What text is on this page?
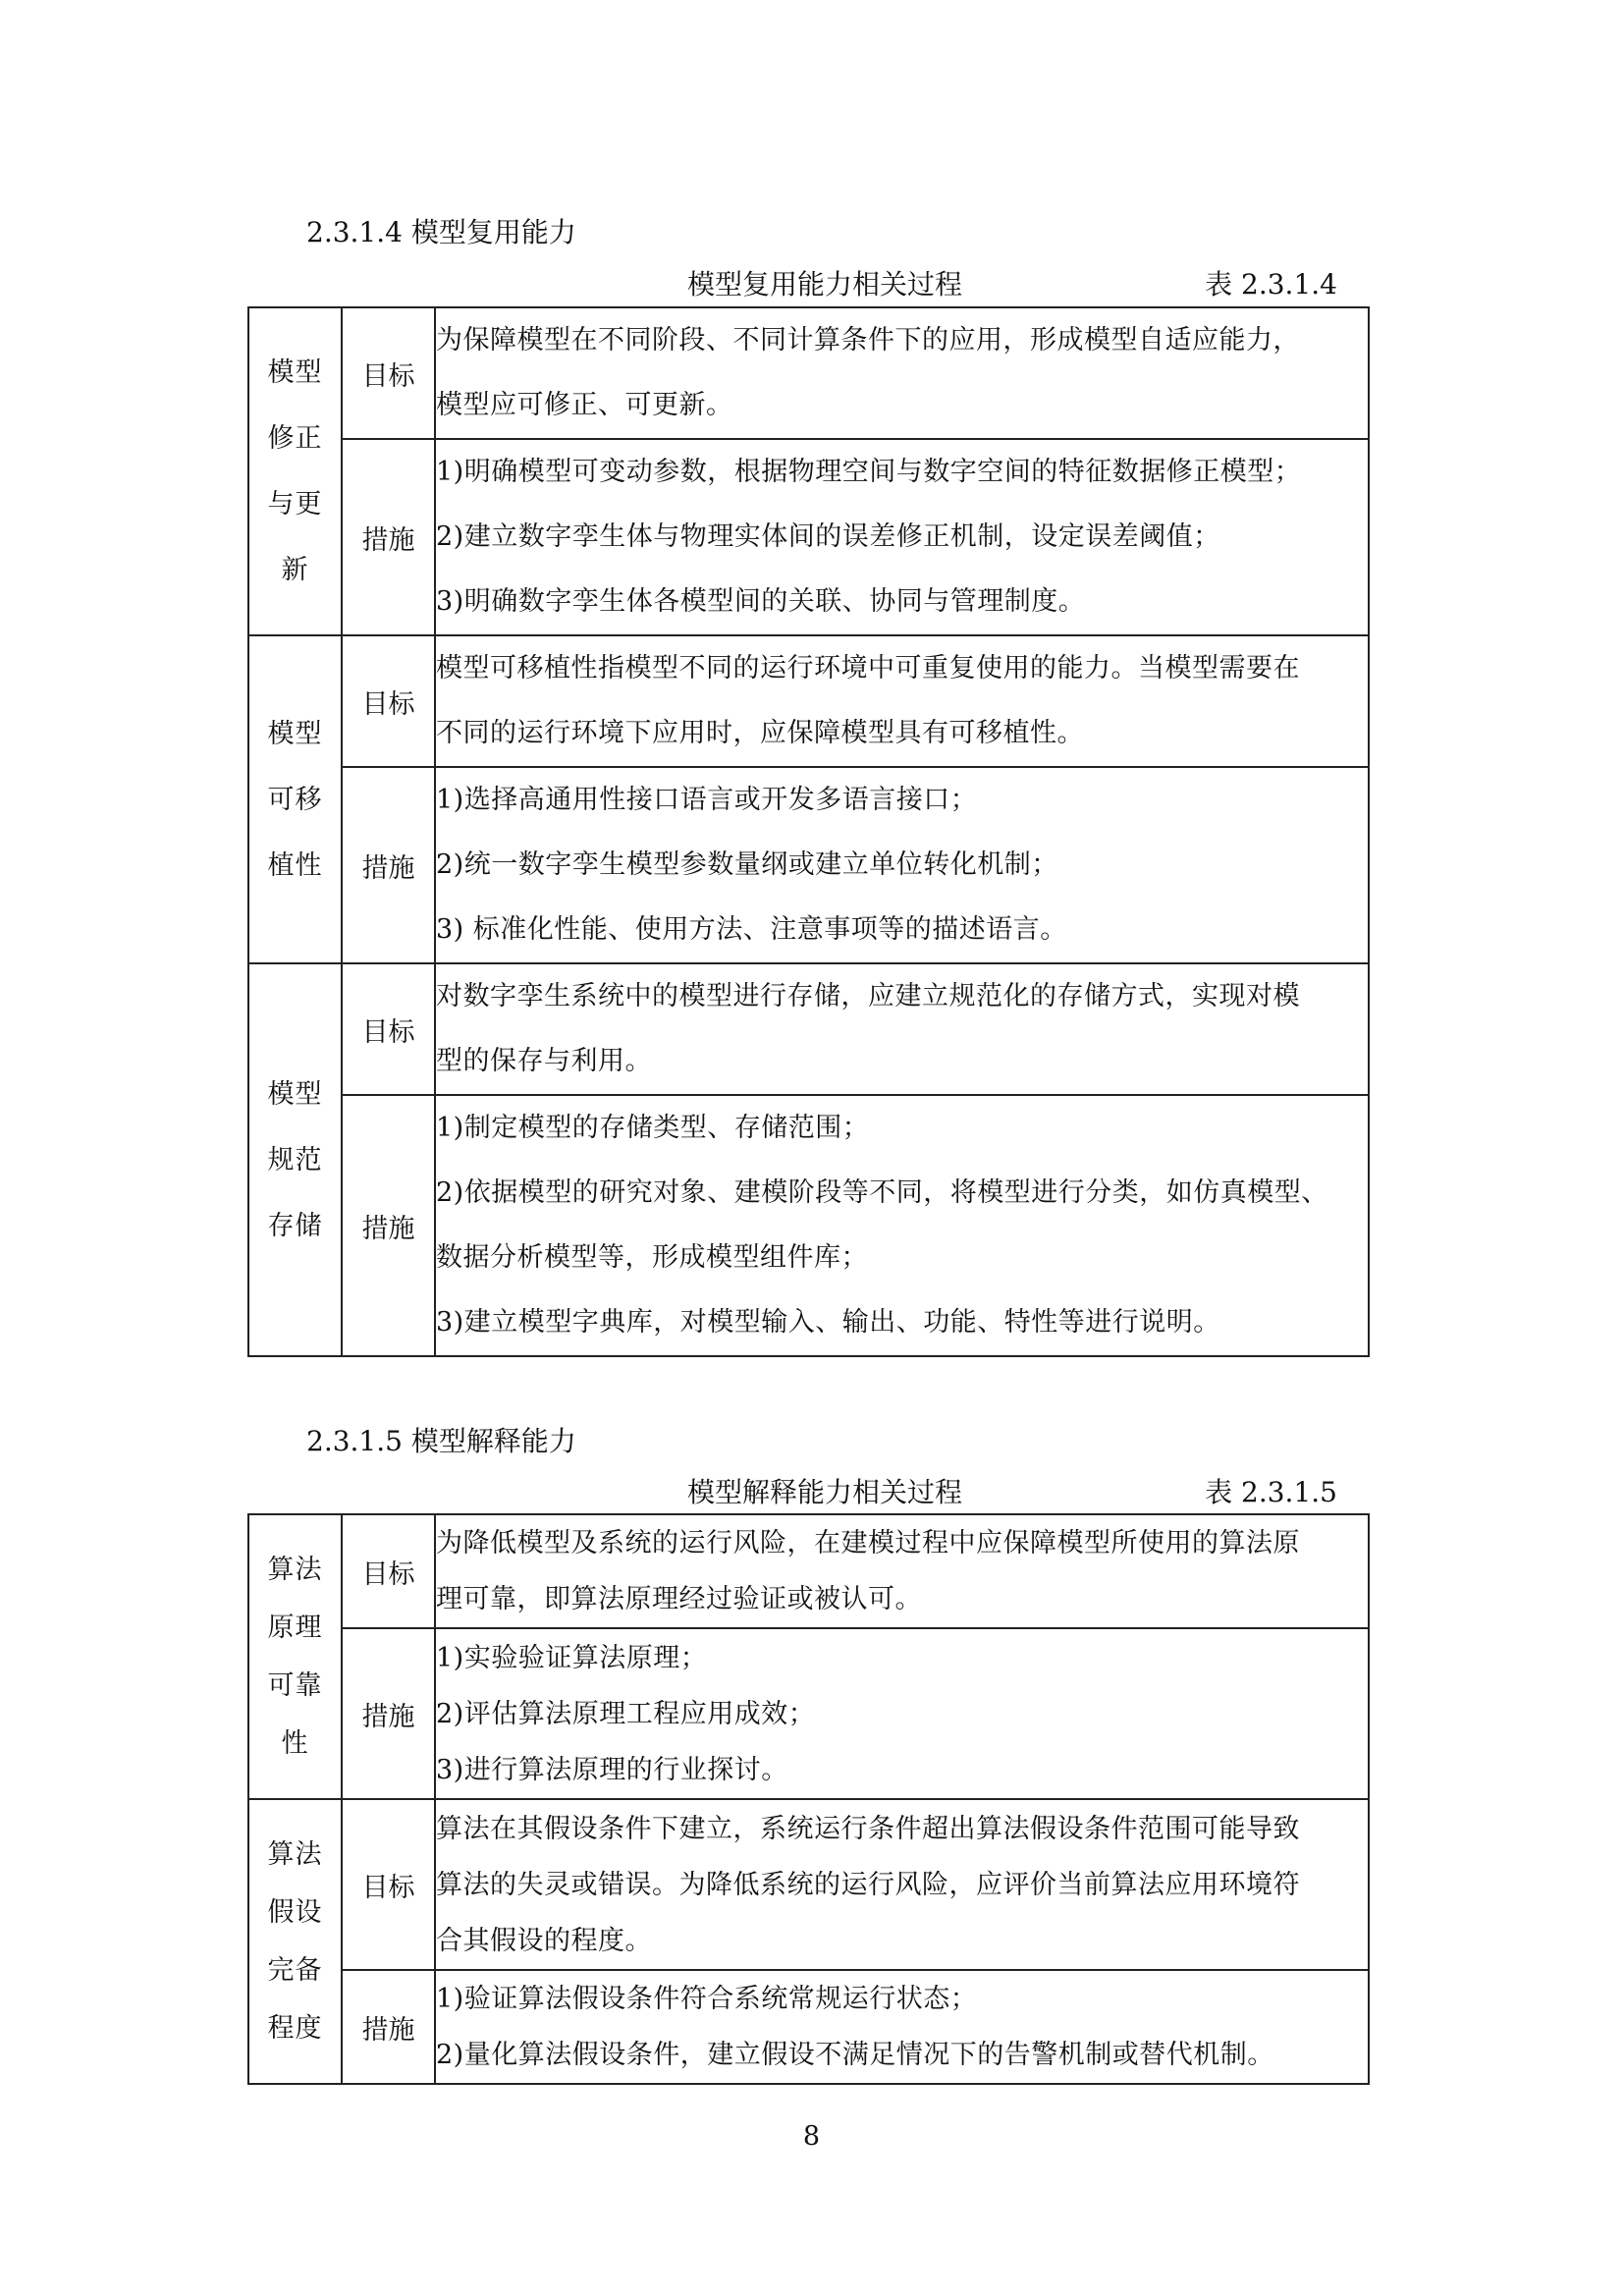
2.3.1.4 模型复用能力
模型复用能力相关过程	表 2.3.1.4
模型修正与更新	目标	为保障模型在不同阶段、不同计算条件下的应用，形成模型自适应能力，

模型应可修正、可更新。

	措施	1)明确模型可变动参数，根据物理空间与数字空间的特征数据修正模型；

2)建立数字孪生体与物理实体间的误差修正机制，设定误差阈值；

3)明确数字孪生体各模型间的关联、协同与管理制度。

模型可移植性	目标	模型可移植性指模型不同的运行环境中可重复使用的能力。当模型需要在

不同的运行环境下应用时，应保障模型具有可移植性。

	措施	1)选择高通用性接口语言或开发多语言接口；

2)统一数字孪生模型参数量纲或建立单位转化机制；

3) 标准化性能、使用方法、注意事项等的描述语言。

模型规范存储	目标	对数字孪生系统中的模型进行存储，应建立规范化的存储方式，实现对模

型的保存与利用。

	措施	1)制定模型的存储类型、存储范围；

2)依据模型的研究对象、建模阶段等不同，将模型进行分类，如仿真模型、

数据分析模型等，形成模型组件库；

3)建立模型字典库，对模型输入、输出、功能、特性等进行说明。

2.3.1.5 模型解释能力
模型解释能力相关过程	表 2.3.1.5
算法原理可靠性	目标	为降低模型及系统的运行风险，在建模过程中应保障模型所使用的算法原

理可靠，即算法原理经过验证或被认可。

	措施	1)实验验证算法原理；

2)评估算法原理工程应用成效；

3)进行算法原理的行业探讨。

算法假设完备程度	目标	算法在其假设条件下建立，系统运行条件超出算法假设条件范围可能导致

算法的失灵或错误。为降低系统的运行风险，应评价当前算法应用环境符

合其假设的程度。

	措施	1)验证算法假设条件符合系统常规运行状态；

2)量化算法假设条件，建立假设不满足情况下的告警机制或替代机制。

8
